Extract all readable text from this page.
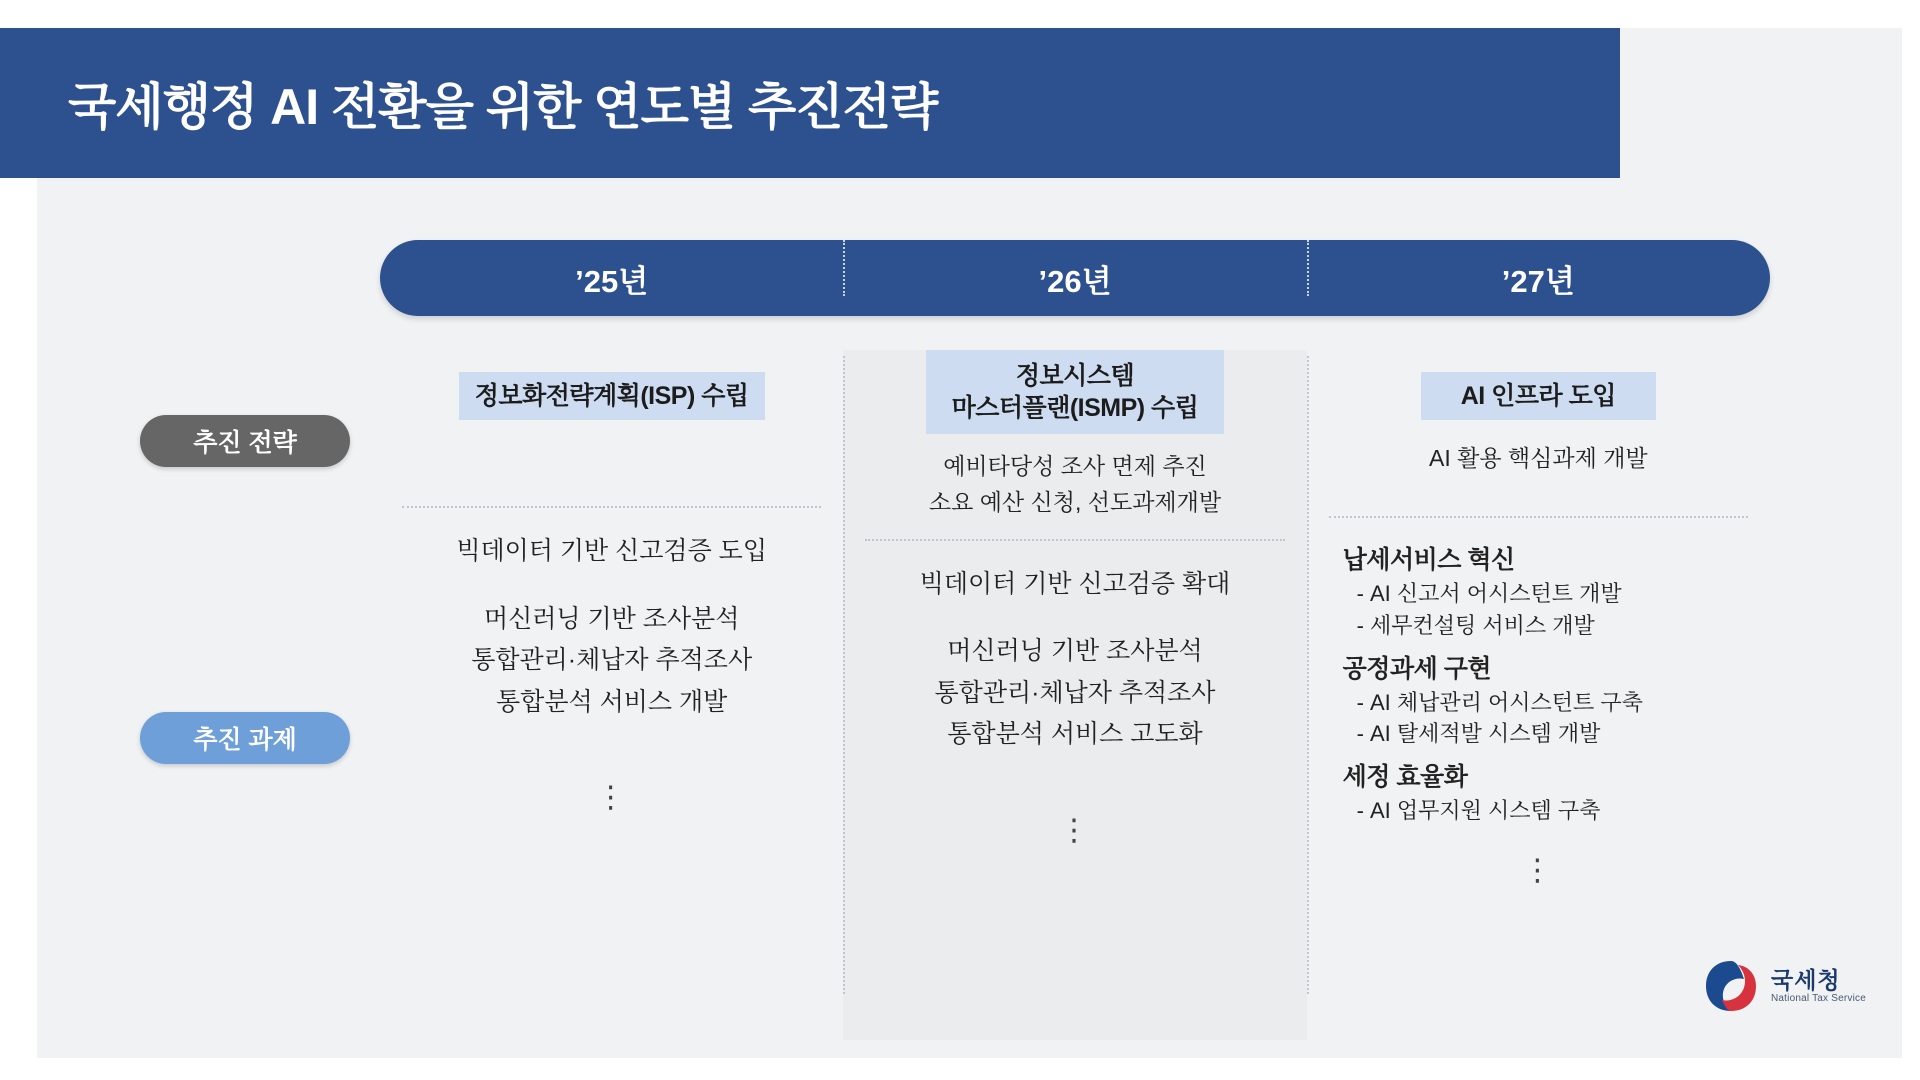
국세행정 AI 전환을 위한 연도별 추진전략
’25년	’26년	’27년
추진 전략
추진 과제
정보화전략계획(ISP) 수립
빅데이터 기반 신고검증 도입
머신러닝 기반 조사분석
통합관리·체납자 추적조사
통합분석 서비스 개발
⋮
정보시스템
마스터플랜(ISMP) 수립
예비타당성 조사 면제 추진
소요 예산 신청, 선도과제개발
빅데이터 기반 신고검증 확대
머신러닝 기반 조사분석
통합관리·체납자 추적조사
통합분석 서비스 고도화
⋮
AI 인프라 도입
AI 활용 핵심과제 개발
납세서비스 혁신
- AI 신고서 어시스턴트 개발
- 세무컨설팅 서비스 개발
공정과세 구현
- AI 체납관리 어시스턴트 구축
- AI 탈세적발 시스템 개발
세정 효율화
- AI 업무지원 시스템 구축
⋮
국세청
National Tax Service
